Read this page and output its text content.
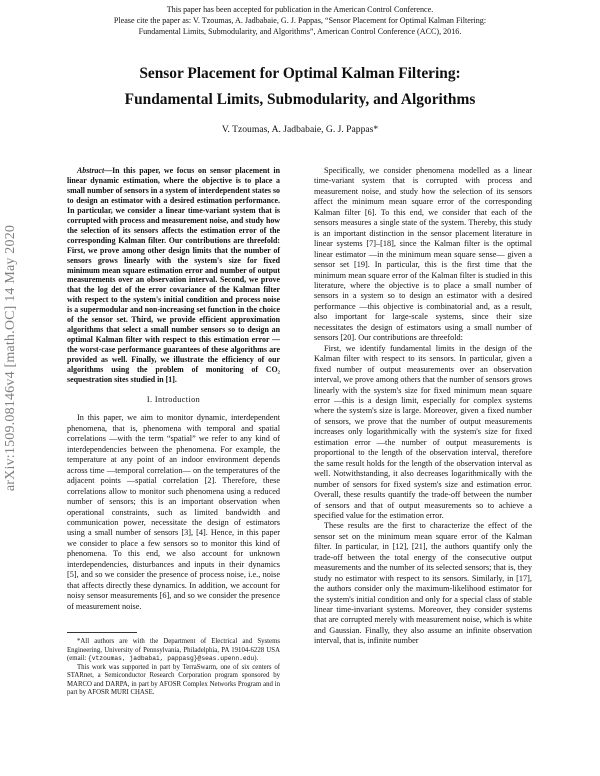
This paper has been accepted for publication in the American Control Conference.
Please cite the paper as: V. Tzoumas, A. Jadbabaie, G. J. Pappas, “Sensor Placement for Optimal Kalman Filtering:
Fundamental Limits, Submodularity, and Algorithms”, American Control Conference (ACC), 2016.
Sensor Placement for Optimal Kalman Filtering:
Fundamental Limits, Submodularity, and Algorithms
V. Tzoumas, A. Jadbabaie, G. J. Pappas*
arXiv:1509.08146v4 [math.OC] 14 May 2020

Abstract—In this paper, we focus on sensor placement in linear dynamic estimation, where the objective is to place a small number of sensors in a system of interdependent states so to design an estimator with a desired estimation performance. In particular, we consider a linear time-variant system that is corrupted with process and measurement noise, and study how the selection of its sensors affects the estimation error of the corresponding Kalman filter. Our contributions are threefold: First, we prove among other design limits that the number of sensors grows linearly with the system's size for fixed minimum mean square estimation error and number of output measurements over an observation interval. Second, we prove that the log det of the error covariance of the Kalman filter with respect to the system's initial condition and process noise is a supermodular and non-increasing set function in the choice of the sensor set. Third, we provide efficient approximation algorithms that select a small number sensors so to design an optimal Kalman filter with respect to this estimation error —the worst-case performance guarantees of these algorithms are provided as well. Finally, we illustrate the efficiency of our algorithms using the problem of monitoring of CO₂ sequestration sites studied in [1].

I. Introduction

In this paper, we aim to monitor dynamic, interdependent phenomena, that is, phenomena with temporal and spatial correlations —with the term “spatial” we refer to any kind of interdependencies between the phenomena. For example, the temperature at any point of an indoor environment depends across time —temporal correlation— on the temperatures of the adjacent points —spatial correlation [2]. Therefore, these correlations allow to monitor such phenomena using a reduced number of sensors; this is an important observation when operational constraints, such as limited bandwidth and communication power, necessitate the design of estimators using a small number of sensors [3], [4]. Hence, in this paper we consider to place a few sensors so to monitor this kind of phenomena. To this end, we also account for unknown interdependencies, disturbances and inputs in their dynamics [5], and so we consider the presence of process noise, i.e., noise that affects directly these dynamics. In addition, we account for noisy sensor measurements [6], and so we consider the presence of measurement noise.

*All authors are with the Department of Electrical and Systems Engineering, University of Pennsylvania, Philadelphia, PA 19104-6228 USA (email: {vtzoumas, jadbabai, pappasg}@seas.upenn.edu).

This work was supported in part by TerraSwarm, one of six centers of STARnet, a Semiconductor Research Corporation program sponsored by MARCO and DARPA, in part by AFOSR Complex Networks Program and in part by AFOSR MURI CHASE.

Specifically, we consider phenomena modelled as a linear time-variant system that is corrupted with process and measurement noise, and study how the selection of its sensors affect the minimum mean square error of the corresponding Kalman filter [6]. To this end, we consider that each of the sensors measures a single state of the system. Thereby, this study is an important distinction in the sensor placement literature in linear systems [7]–[18], since the Kalman filter is the optimal linear estimator —in the minimum mean square sense— given a sensor set [19]. In particular, this is the first time that the minimum mean square error of the Kalman filter is studied in this literature, where the objective is to place a small number of sensors in a system so to design an estimator with a desired performance —this objective is combinatorial and, as a result, also important for large-scale systems, since their size necessitates the design of estimators using a small number of sensors [20]. Our contributions are threefold:

First, we identify fundamental limits in the design of the Kalman filter with respect to its sensors. In particular, given a fixed number of output measurements over an observation interval, we prove among others that the number of sensors grows linearly with the system's size for fixed minimum mean square error —this is a design limit, especially for complex systems where the system's size is large. Moreover, given a fixed number of sensors, we prove that the number of output measurements increases only logarithmically with the system's size for fixed estimation error —the number of output measurements is proportional to the length of the observation interval, therefore the same result holds for the length of the observation interval as well. Notwithstanding, it also decreases logarithmically with the number of sensors for fixed system's size and estimation error. Overall, these results quantify the trade-off between the number of sensors and that of output measurements so to achieve a specified value for the estimation error.

These results are the first to characterize the effect of the sensor set on the minimum mean square error of the Kalman filter. In particular, in [12], [21], the authors quantify only the trade-off between the total energy of the consecutive output measurements and the number of its selected sensors; that is, they study no estimator with respect to its sensors. Similarly, in [17], the authors consider only the maximum-likelihood estimator for the system's initial condition and only for a special class of stable linear time-invariant systems. Moreover, they consider systems that are corrupted merely with measurement noise, which is white and Gaussian. Finally, they also assume an infinite observation interval, that is, infinite number
